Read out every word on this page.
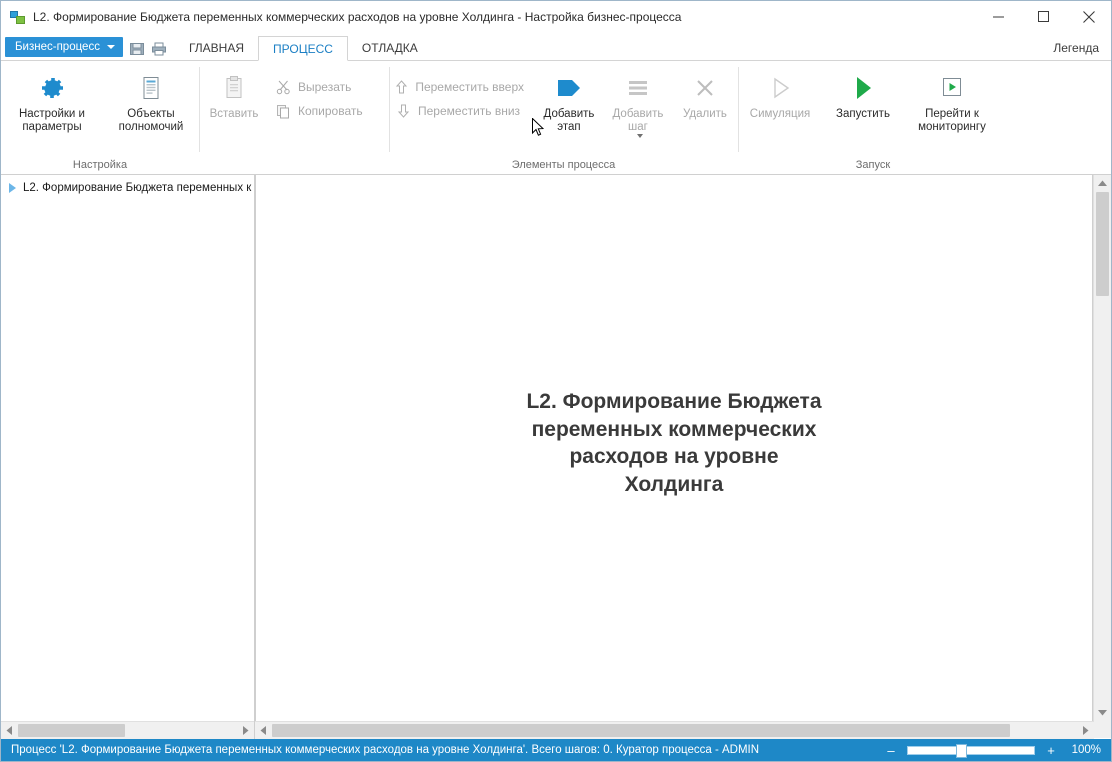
L2. Формирование Бюджета переменных коммерческих расходов на уровне Холдинга - Настройка бизнес-процесса
Бизнес-процесс	ГЛАВНАЯ ПРОЦЕСС ОТЛАДКА	Легенда
Настройки и параметры
Объекты полномочий
Настройка
Вставить
Вырезать
Копировать
Переместить вверх
Переместить вниз	Добавить этап
Добавить шаг
Удалить
Элементы процесса
Симуляция Запустить	Перейти к мониторингу
Запуск
L2. Формирование Бюджета переменных к
L2. Формирование Бюджета переменных коммерческих расходов на уровне Холдинга
Процесс 'L2. Формирование Бюджета переменных коммерческих расходов на уровне Холдинга'. Всего шагов: 0. Куратор процесса - ADMIN	–	+	100%
